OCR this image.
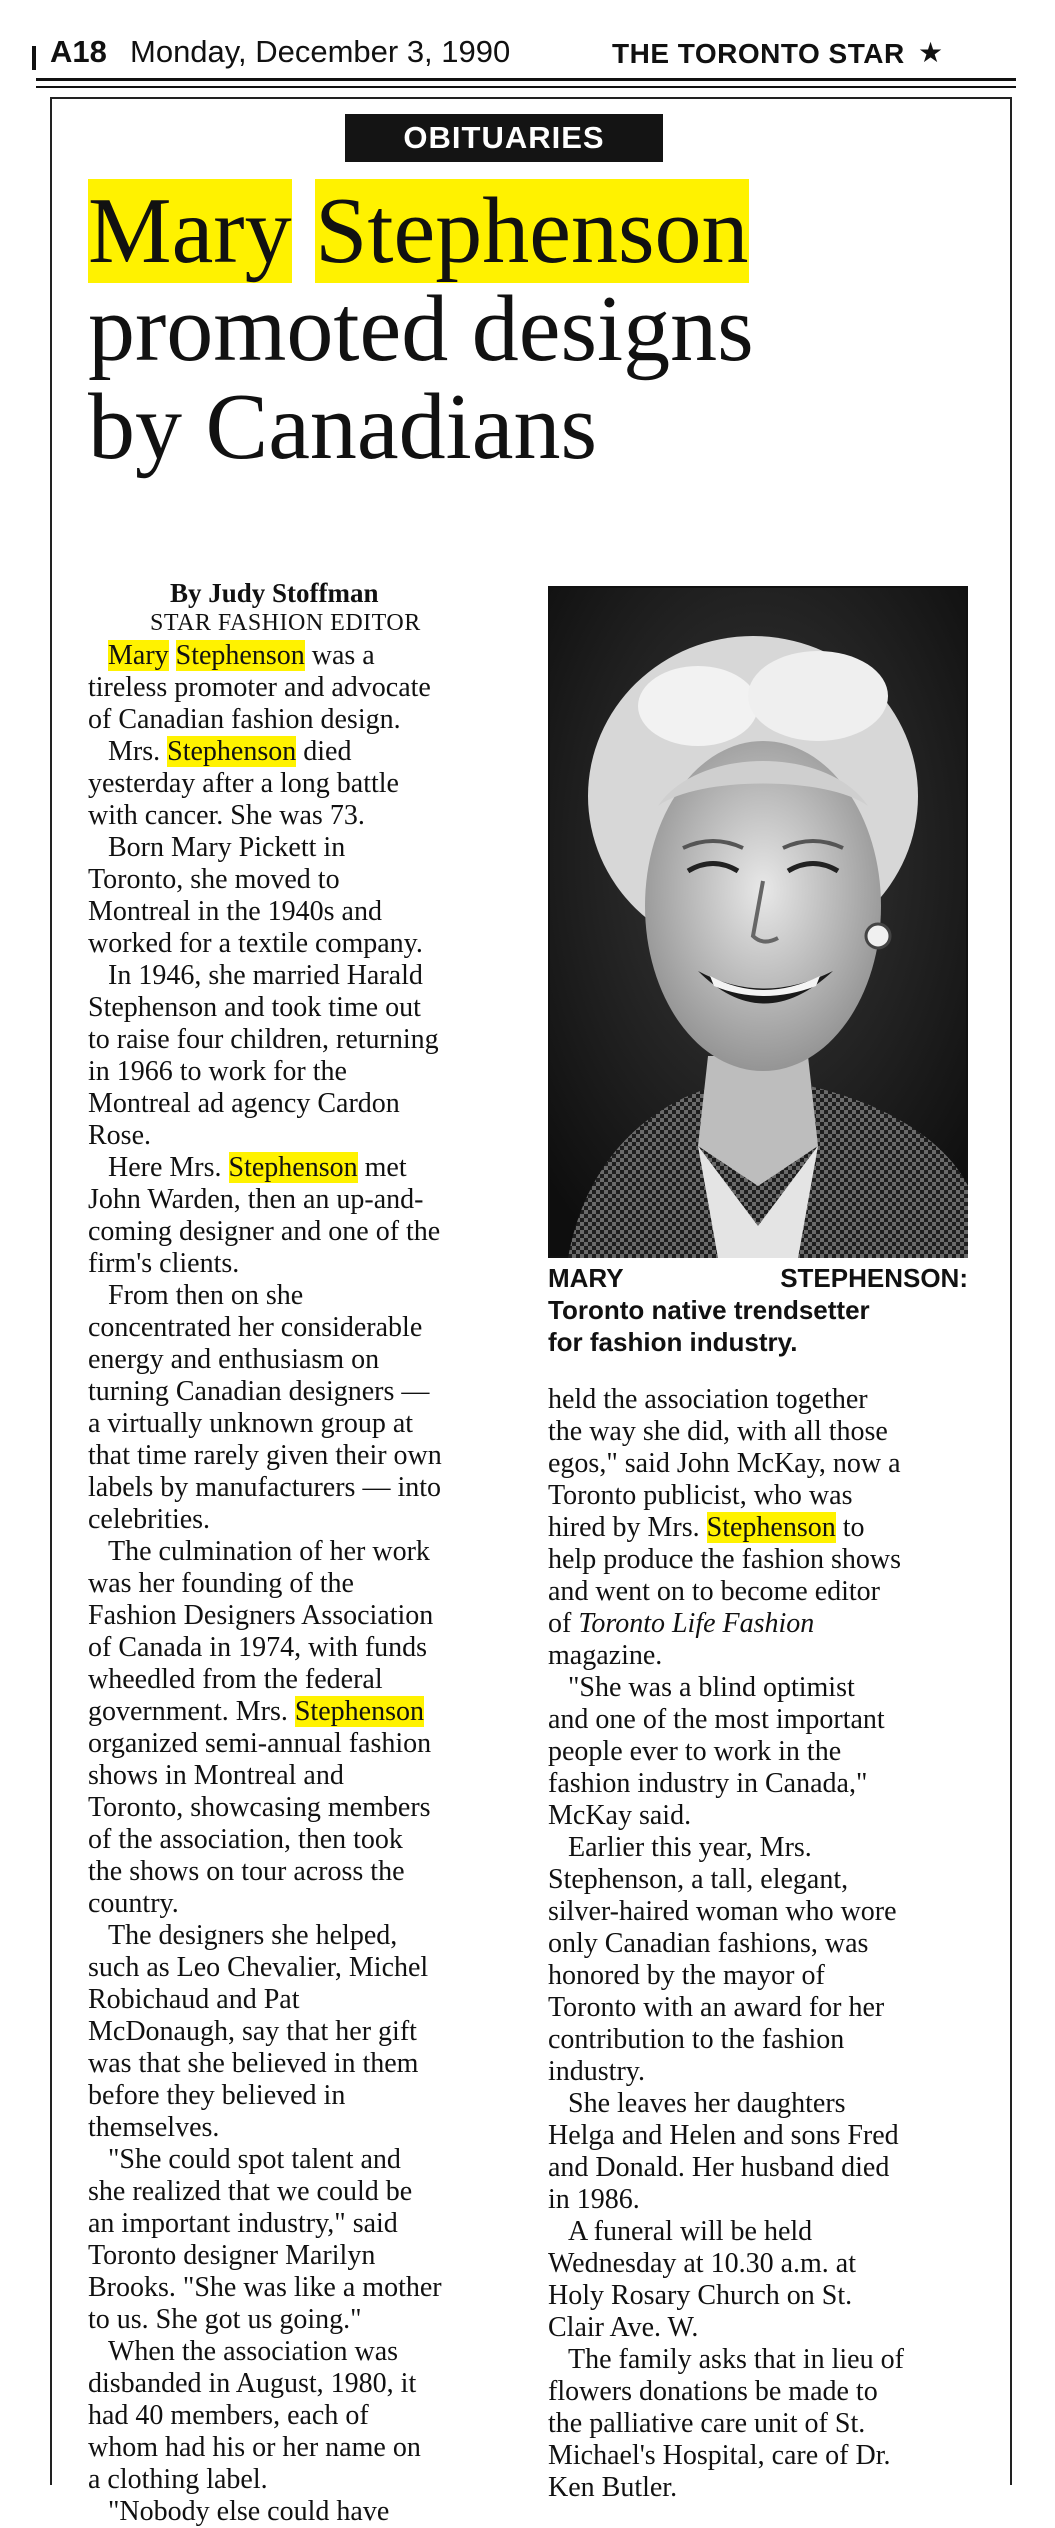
A18 Monday, December 3, 1990	THE TORONTO STAR ★
OBITUARIES
Mary Stephenson
promoted designs
by Canadians
By Judy Stoffman
STAR FASHION EDITOR

Mary Stephenson was a

tireless promoter and advocate

of Canadian fashion design.

Mrs. Stephenson died

yesterday after a long battle

with cancer. She was 73.

Born Mary Pickett in

Toronto, she moved to

Montreal in the 1940s and

worked for a textile company.

In 1946, she married Harald

Stephenson and took time out

to raise four children, returning

in 1966 to work for the

Montreal ad agency Cardon

Rose.

Here Mrs. Stephenson met

John Warden, then an up-and-

coming designer and one of the

firm's clients.

From then on she

concentrated her considerable

energy and enthusiasm on

turning Canadian designers —

a virtually unknown group at

that time rarely given their own

labels by manufacturers — into

celebrities.

The culmination of her work

was her founding of the

Fashion Designers Association

of Canada in 1974, with funds

wheedled from the federal

government. Mrs. Stephenson

organized semi-annual fashion

shows in Montreal and

Toronto, showcasing members

of the association, then took

the shows on tour across the

country.

The designers she helped,

such as Leo Chevalier, Michel

Robichaud and Pat

McDonaugh, say that her gift

was that she believed in them

before they believed in

themselves.

"She could spot talent and

she realized that we could be

an important industry," said

Toronto designer Marilyn

Brooks. "She was like a mother

to us. She got us going."

When the association was

disbanded in August, 1980, it

had 40 members, each of

whom had his or her name on

a clothing label.

"Nobody else could have

MARY	STEPHENSON:
Toronto native trendsetter
for fashion industry.

held the association together

the way she did, with all those

egos," said John McKay, now a

Toronto publicist, who was

hired by Mrs. Stephenson to

help produce the fashion shows

and went on to become editor

of Toronto Life Fashion

magazine.

"She was a blind optimist

and one of the most important

people ever to work in the

fashion industry in Canada,"

McKay said.

Earlier this year, Mrs.

Stephenson, a tall, elegant,

silver-haired woman who wore

only Canadian fashions, was

honored by the mayor of

Toronto with an award for her

contribution to the fashion

industry.

She leaves her daughters

Helga and Helen and sons Fred

and Donald. Her husband died

in 1986.

A funeral will be held

Wednesday at 10.30 a.m. at

Holy Rosary Church on St.

Clair Ave. W.

The family asks that in lieu of

flowers donations be made to

the palliative care unit of St.

Michael's Hospital, care of Dr.

Ken Butler.
